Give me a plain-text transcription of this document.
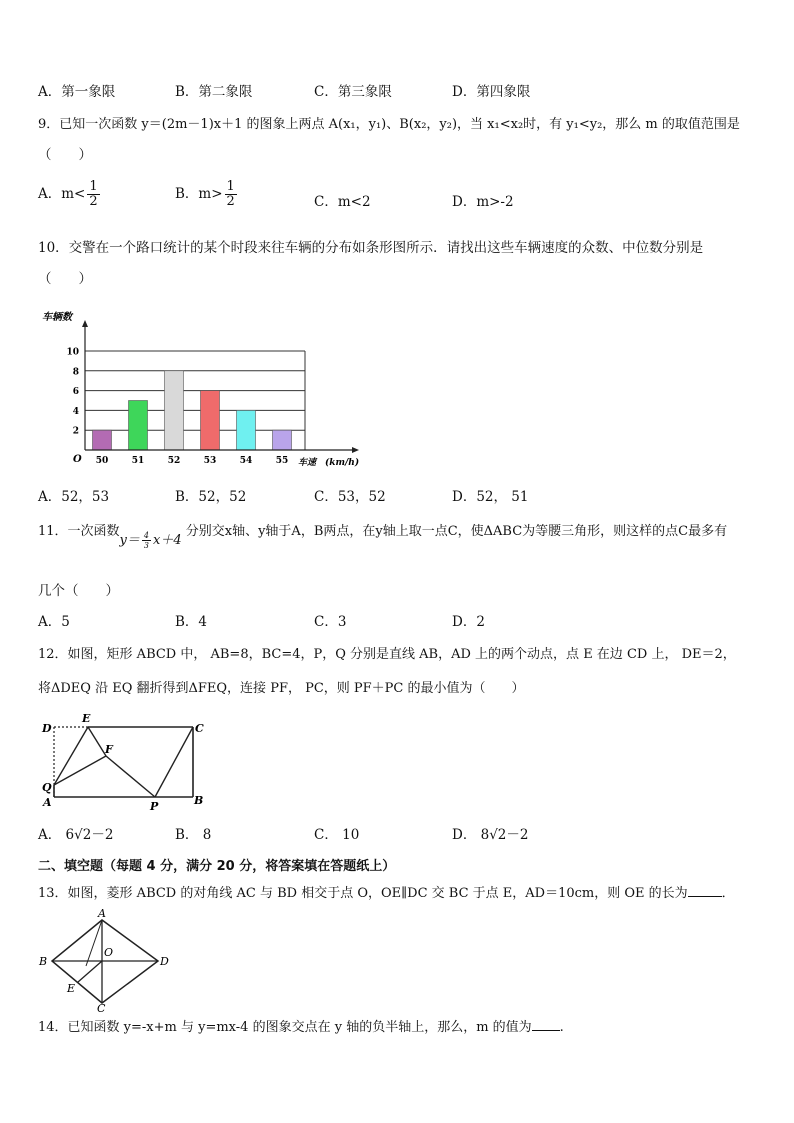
A．第一象限	B．第二象限	C．第三象限	D．第四象限
9．已知一次函数 y＝(2m－1)x＋1 的图象上两点 A(x₁，y₁)、B(x₂，y₂)，当 x₁<x₂时，有 y₁<y₂，那么 m 的取值范围是
（　　）
A．$m< \frac{1}{2}$	B．$m> \frac{1}{2}$	C．m<2	D．m>-2
10．交警在一个路口统计的某个时段来往车辆的分布如条形图所示．请找出这些车辆速度的众数、中位数分别是
（　　）
车辆数
2
4
6
8
10
50	51	52	53	54	55
O	车速　(km/h)
A．52，53	B．52，52	C．53，52	D．52， 51
11．一次函数$y= \frac{4}{3} x+4$ 分别交x轴、y轴于A，B两点，在y轴上取一点C，使ΔABC为等腰三角形，则这样的点C最多有
几个（　　）
A．5	B．4	C．3	D．2
12．如图，矩形 ABCD 中， AB=8，BC=4，P，Q 分别是直线 AB，AD 上的两个动点，点 E 在边 CD 上， DE＝2，
将ΔDEQ 沿 EQ 翻折得到ΔFEQ，连接 PF， PC，则 PF＋PC 的最小值为（　　）
D
E
C
F
Q
A	P	B
A． 6√2－2	B． 8	C． 10	D． 8√2－2
二、填空题（每题 4 分，满分 20 分，将答案填在答题纸上）
13．如图，菱形 ABCD 的对角线 AC 与 BD 相交于点 O，OE∥DC 交 BC 于点 E，AD＝10cm，则 OE 的长为	．
A
B
O
D
E
C
14．已知函数 y=-x+m 与 y=mx-4 的图象交点在 y 轴的负半轴上，那么，m 的值为 .
